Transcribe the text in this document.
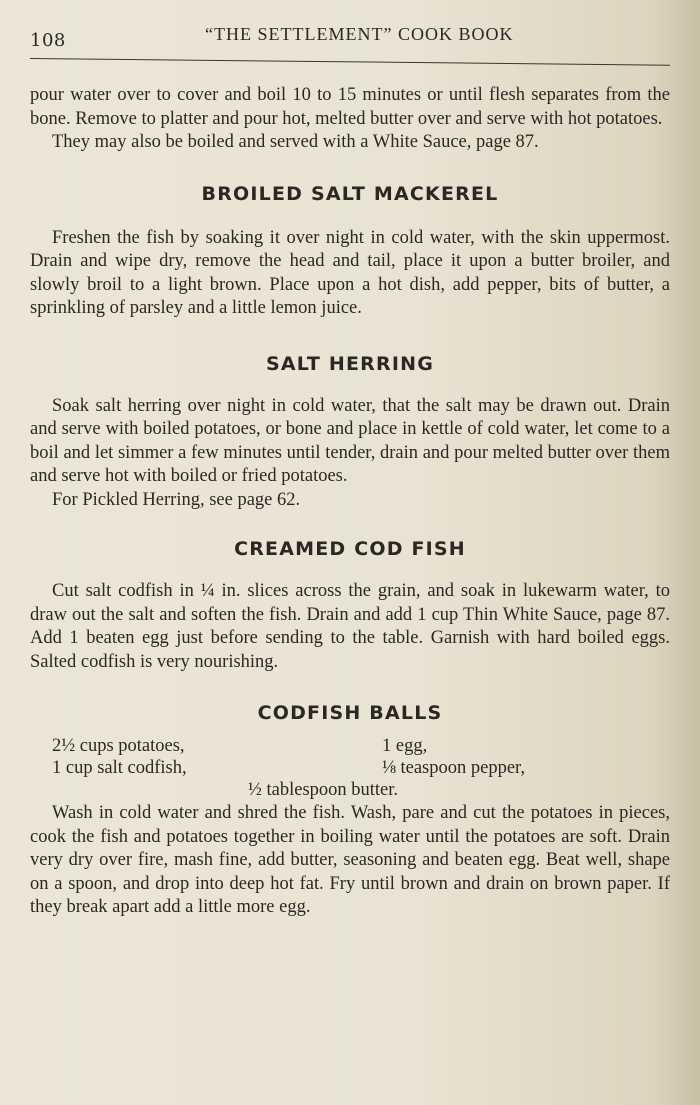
108	“THE SETTLEMENT” COOK BOOK

pour water over to cover and boil 10 to 15 minutes or until flesh separates from the bone. Remove to platter and pour hot, melted butter over and serve with hot potatoes.

They may also be boiled and served with a White Sauce, page 87.

BROILED SALT MACKEREL

Freshen the fish by soaking it over night in cold water, with the skin uppermost. Drain and wipe dry, remove the head and tail, place it upon a butter broiler, and slowly broil to a light brown. Place upon a hot dish, add pepper, bits of butter, a sprinkling of parsley and a little lemon juice.

SALT HERRING

Soak salt herring over night in cold water, that the salt may be drawn out. Drain and serve with boiled potatoes, or bone and place in kettle of cold water, let come to a boil and let simmer a few minutes until tender, drain and pour melted butter over them and serve hot with boiled or fried potatoes.

For Pickled Herring, see page 62.

CREAMED COD FISH

Cut salt codfish in ¼ in. slices across the grain, and soak in lukewarm water, to draw out the salt and soften the fish. Drain and add 1 cup Thin White Sauce, page 87. Add 1 beaten egg just before sending to the table. Garnish with hard boiled eggs. Salted codfish is very nourishing.

CODFISH BALLS
2½ cups potatoes,
1 cup salt codfish,
1 egg,
⅛ teaspoon pepper,
½ tablespoon butter.

Wash in cold water and shred the fish. Wash, pare and cut the potatoes in pieces, cook the fish and potatoes together in boiling water until the potatoes are soft. Drain very dry over fire, mash fine, add butter, seasoning and beaten egg. Beat well, shape on a spoon, and drop into deep hot fat. Fry until brown and drain on brown paper. If they break apart add a little more egg.
